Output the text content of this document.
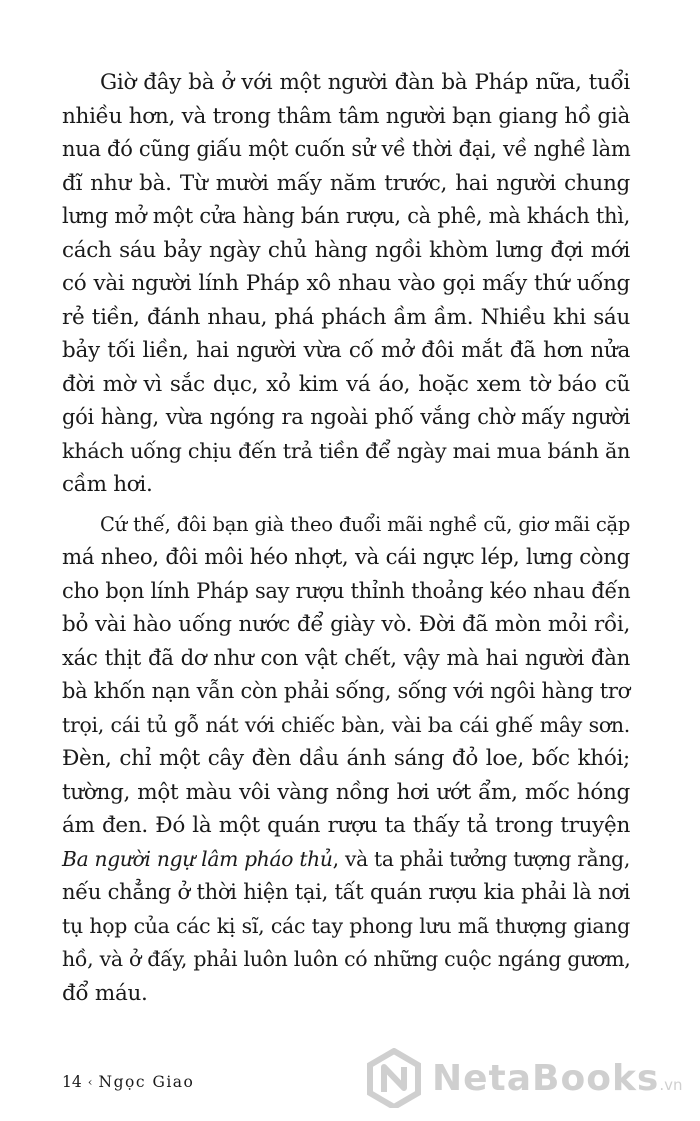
Giờ đây bà ở với một người đàn bà Pháp nữa, tuổi
nhiều hơn, và trong thâm tâm người bạn giang hồ già
nua đó cũng giấu một cuốn sử về thời đại, về nghề làm
đĩ như bà. Từ mười mấy năm trước, hai người chung
lưng mở một cửa hàng bán rượu, cà phê, mà khách thì,
cách sáu bảy ngày chủ hàng ngồi khòm lưng đợi mới
có vài người lính Pháp xô nhau vào gọi mấy thứ uống
rẻ tiền, đánh nhau, phá phách ầm ầm. Nhiều khi sáu
bảy tối liền, hai người vừa cố mở đôi mắt đã hơn nửa
đời mờ vì sắc dục, xỏ kim vá áo, hoặc xem tờ báo cũ
gói hàng, vừa ngóng ra ngoài phố vắng chờ mấy người
khách uống chịu đến trả tiền để ngày mai mua bánh ăn
cầm hơi.
Cứ thế, đôi bạn già theo đuổi mãi nghề cũ, giơ mãi cặp
má nheo, đôi môi héo nhợt, và cái ngực lép, lưng còng
cho bọn lính Pháp say rượu thỉnh thoảng kéo nhau đến
bỏ vài hào uống nước để giày vò. Đời đã mòn mỏi rồi,
xác thịt đã dơ như con vật chết, vậy mà hai người đàn
bà khốn nạn vẫn còn phải sống, sống với ngôi hàng trơ
trọi, cái tủ gỗ nát với chiếc bàn, vài ba cái ghế mây sơn.
Đèn, chỉ một cây đèn dầu ánh sáng đỏ loe, bốc khói;
tường, một màu vôi vàng nồng hơi ướt ẩm, mốc hóng
ám đen. Đó là một quán rượu ta thấy tả trong truyện
Ba người ngự lâm pháo thủ, và ta phải tưởng tượng rằng,
nếu chẳng ở thời hiện tại, tất quán rượu kia phải là nơi
tụ họp của các kị sĩ, các tay phong lưu mã thượng giang
hồ, và ở đấy, phải luôn luôn có những cuộc ngáng gươm,
đổ máu.
14 ‹ Ngọc Giao	NetaBooks.vn
